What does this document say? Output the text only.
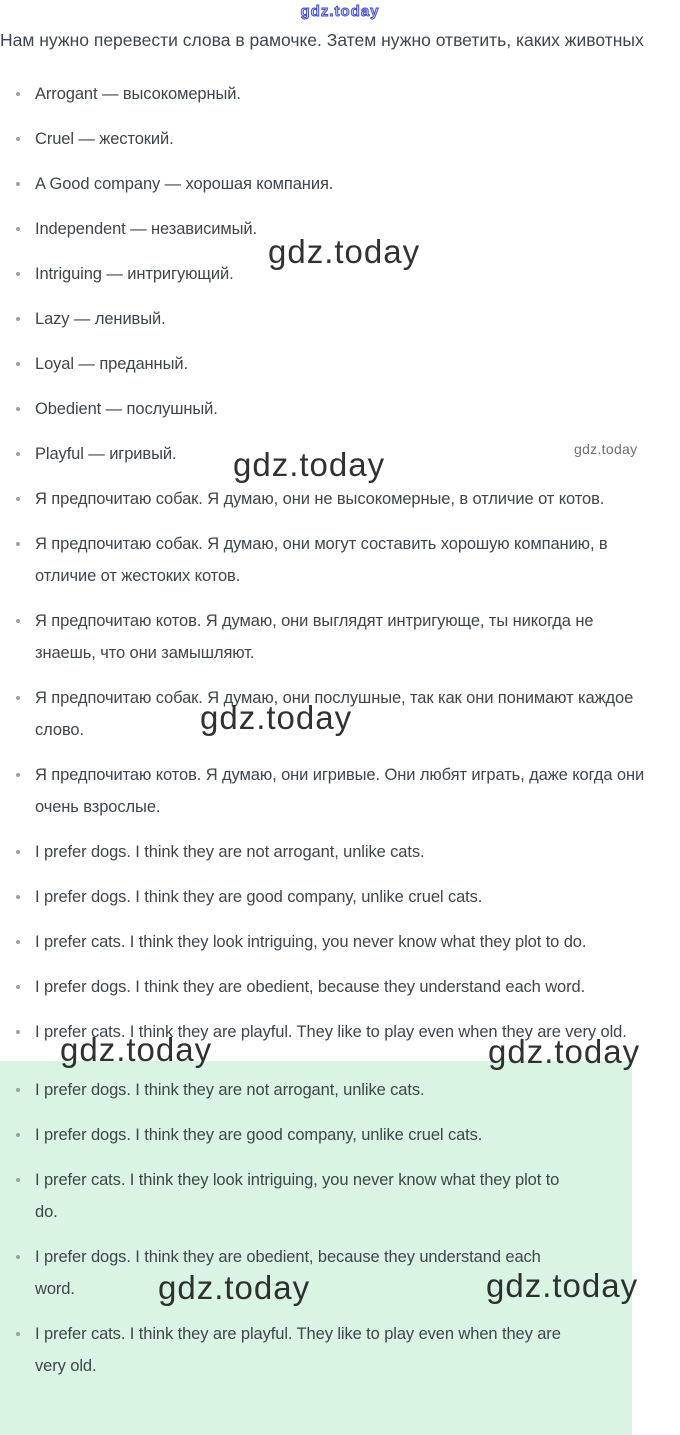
gdz.today

Нам нужно перевести слова в рамочке. Затем нужно ответить, каких животных

Arrogant — высокомерный.
Cruel — жестокий.
A Good company — хорошая компания.
Independent — независимый.
Intriguing — интригующий.
Lazy — ленивый.
Loyal — преданный.
Obedient — послушный.
Playful — игривый.
Я предпочитаю собак. Я думаю, они не высокомерные, в отличие от котов.
Я предпочитаю собак. Я думаю, они могут составить хорошую компанию, в отличие от жестоких котов.
Я предпочитаю котов. Я думаю, они выглядят интригующе, ты никогда не знаешь, что они замышляют.
Я предпочитаю собак. Я думаю, они послушные, так как они понимают каждое слово.
Я предпочитаю котов. Я думаю, они игривые. Они любят играть, даже когда они очень взрослые.
I prefer dogs. I think they are not arrogant, unlike cats.
I prefer dogs. I think they are good company, unlike cruel cats.
I prefer cats. I think they look intriguing, you never know what they plot to do.
I prefer dogs. I think they are obedient, because they understand each word.
I prefer cats. I think they are playful. They like to play even when they are very old.
I prefer dogs. I think they are not arrogant, unlike cats.
I prefer dogs. I think they are good company, unlike cruel cats.
I prefer cats. I think they look intriguing, you never know what they plot to do.
I prefer dogs. I think they are obedient, because they understand each word.
I prefer cats. I think they are playful. They like to play even when they are very old.
gdz.today
gdz.today	gdz.today
gdz.today
gdz.today	gdz.today
gdz.today	gdz.today
